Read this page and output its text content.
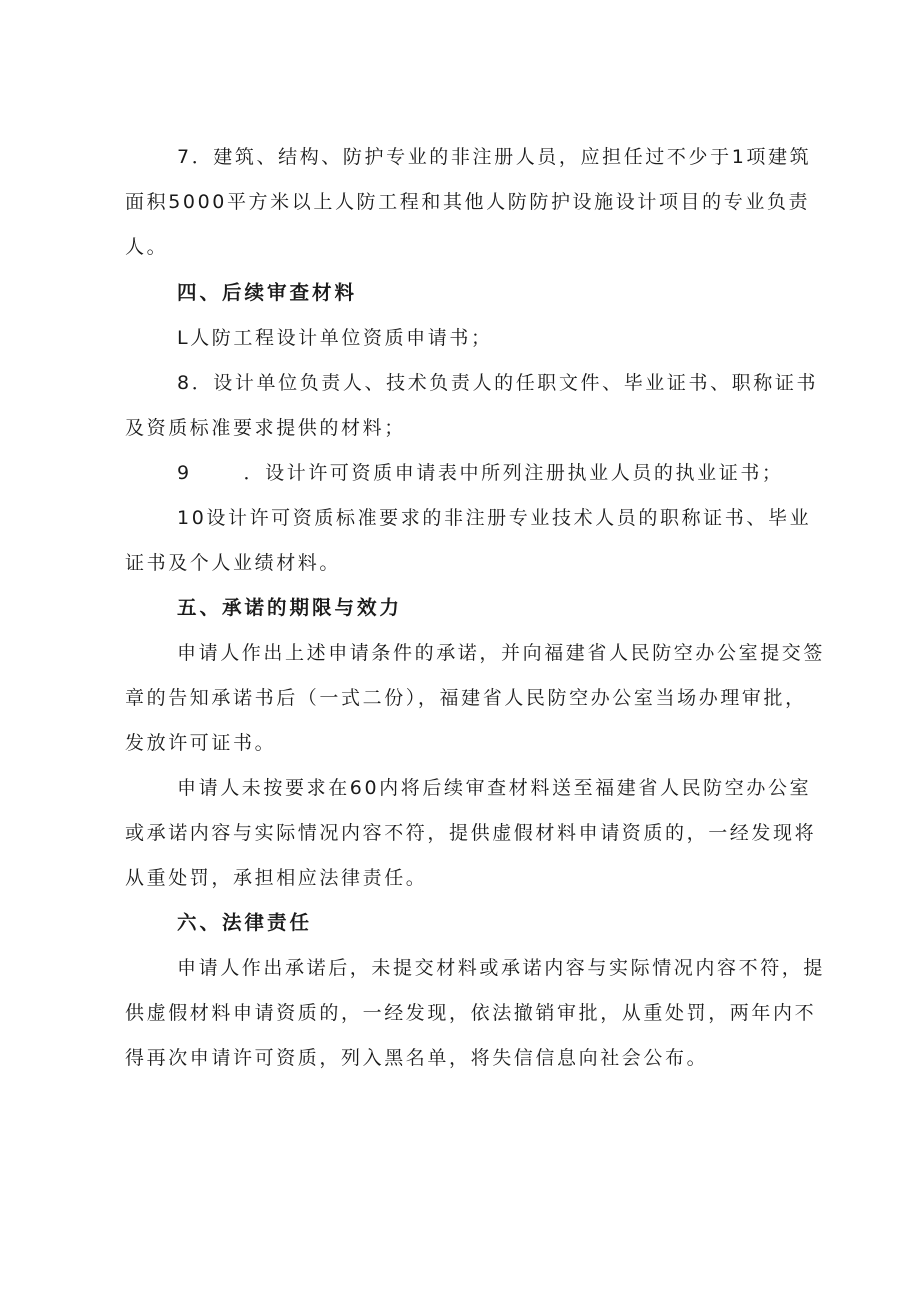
7．建筑、结构、防护专业的非注册人员，应担任过不少于1项建筑
面积5000平方米以上人防工程和其他人防防护设施设计项目的专业负责
人。
四、后续审查材料
L人防工程设计单位资质申请书；
8．设计单位负责人、技术负责人的任职文件、毕业证书、职称证书
及资质标准要求提供的材料；
9      ．设计许可资质申请表中所列注册执业人员的执业证书；
10设计许可资质标准要求的非注册专业技术人员的职称证书、毕业
证书及个人业绩材料。
五、承诺的期限与效力
申请人作出上述申请条件的承诺，并向福建省人民防空办公室提交签
章的告知承诺书后（一式二份），福建省人民防空办公室当场办理审批，
发放许可证书。
申请人未按要求在60内将后续审查材料送至福建省人民防空办公室
或承诺内容与实际情况内容不符，提供虚假材料申请资质的，一经发现将
从重处罚，承担相应法律责任。
六、法律责任
申请人作出承诺后，未提交材料或承诺内容与实际情况内容不符，提
供虚假材料申请资质的，一经发现，依法撤销审批，从重处罚，两年内不
得再次申请许可资质，列入黑名单，将失信信息向社会公布。
